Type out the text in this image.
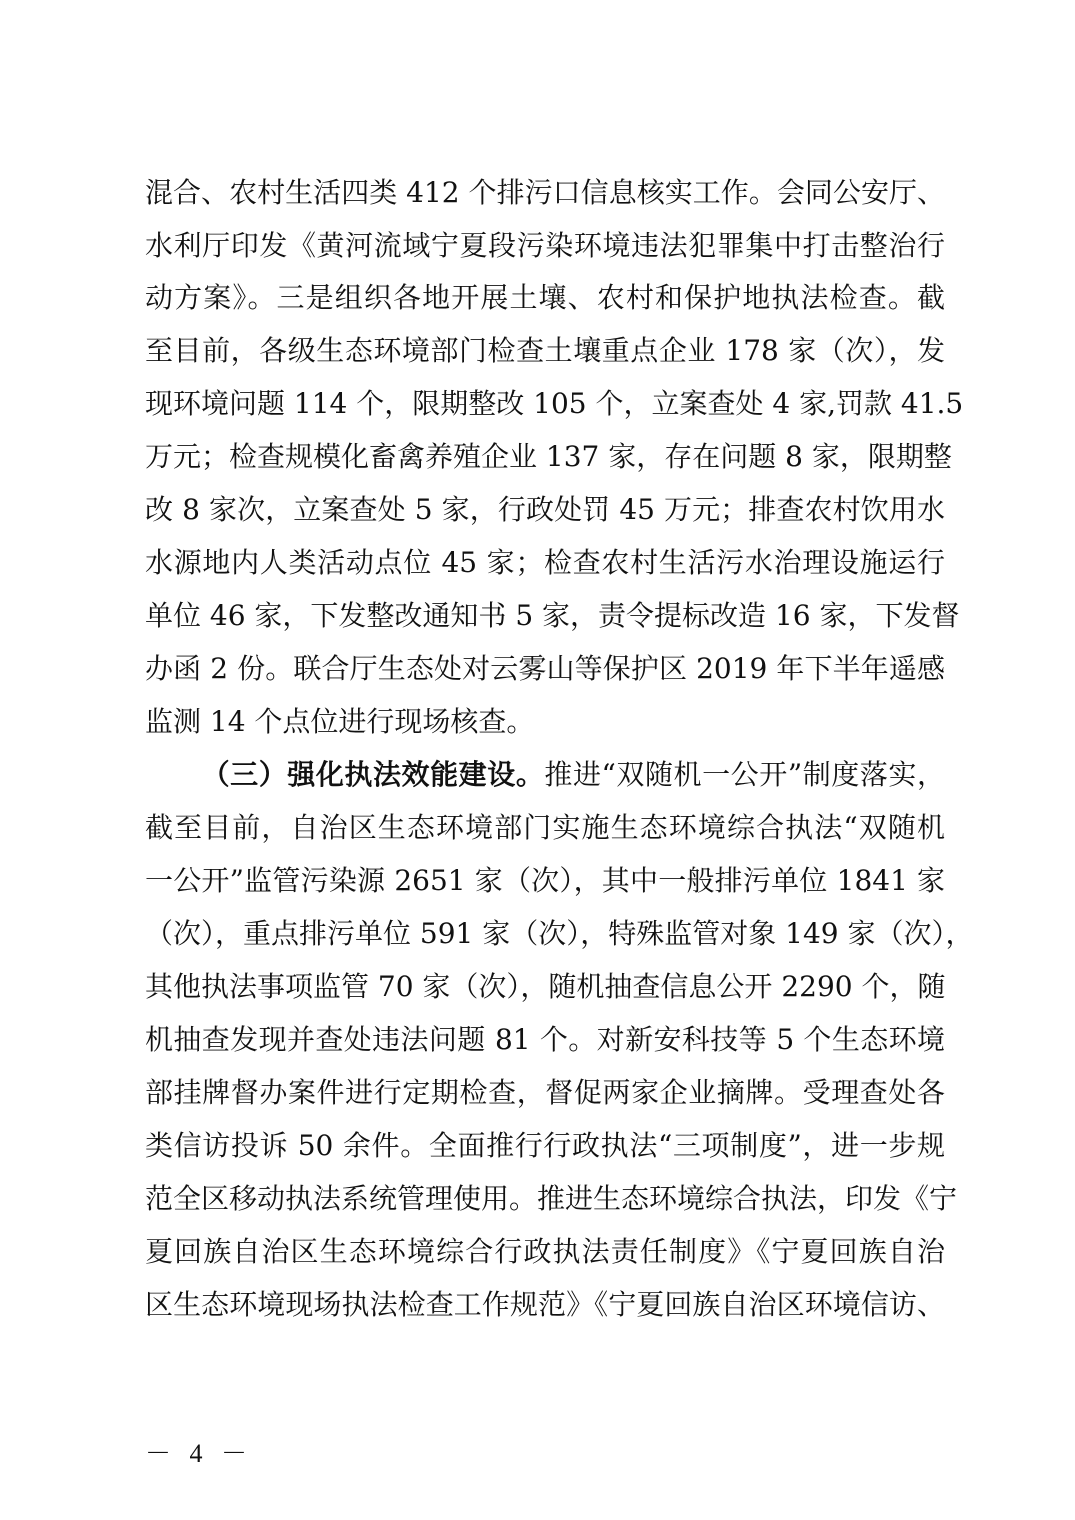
混合、农村生活四类 412 个排污口信息核实工作。会同公安厅、
水利厅印发《黄河流域宁夏段污染环境违法犯罪集中打击整治行
动方案》。三是组织各地开展土壤、农村和保护地执法检查。截
至目前，各级生态环境部门检查土壤重点企业 178 家（次），发
现环境问题 114 个，限期整改 105 个，立案查处 4 家,罚款 41.5
万元；检查规模化畜禽养殖企业 137 家，存在问题 8 家，限期整
改 8 家次，立案查处 5 家，行政处罚 45 万元；排查农村饮用水
水源地内人类活动点位 45 家；检查农村生活污水治理设施运行
单位 46 家，下发整改通知书 5 家，责令提标改造 16 家，下发督
办函 2 份。联合厅生态处对云雾山等保护区 2019 年下半年遥感
监测 14 个点位进行现场核查。
（三）强化执法效能建设。推进“双随机一公开”制度落实，
截至目前，自治区生态环境部门实施生态环境综合执法“双随机
一公开”监管污染源 2651 家（次），其中一般排污单位 1841 家
（次），重点排污单位 591 家（次），特殊监管对象 149 家（次），
其他执法事项监管 70 家（次），随机抽查信息公开 2290 个，随
机抽查发现并查处违法问题 81 个。对新安科技等 5 个生态环境
部挂牌督办案件进行定期检查，督促两家企业摘牌。受理查处各
类信访投诉 50 余件。全面推行行政执法“三项制度”，进一步规
范全区移动执法系统管理使用。推进生态环境综合执法，印发《宁
夏回族自治区生态环境综合行政执法责任制度》《宁夏回族自治
区生态环境现场执法检查工作规范》《宁夏回族自治区环境信访、
－ 4 －
